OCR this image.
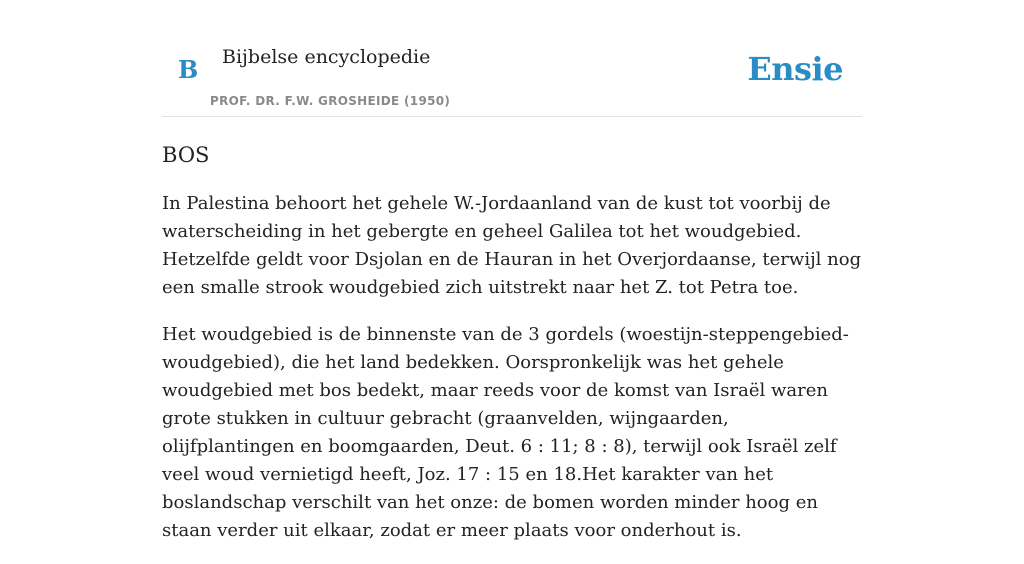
B Bijbelse encyclopedie
PROF. DR. F.W. GROSHEIDE (1950)
Ensie
BOS

In Palestina behoort het gehele W.-Jordaanland van de kust tot voorbij de waterscheiding in het gebergte en geheel Galilea tot het woudgebied. Hetzelfde geldt voor Dsjolan en de Hauran in het Overjordaanse, terwijl nog een smalle strook woudgebied zich uitstrekt naar het Z. tot Petra toe.

Het woudgebied is de binnenste van de 3 gordels (woestijn-steppengebied-woudgebied), die het land bedekken. Oorspronkelijk was het gehele woudgebied met bos bedekt, maar reeds voor de komst van Israël waren grote stukken in cultuur gebracht (graanvelden, wijngaarden, olijfplantingen en boomgaarden, Deut. 6 : 11; 8 : 8), terwijl ook Israël zelf veel woud vernietigd heeft, Joz. 17 : 15 en 18.Het karakter van het boslandschap verschilt van het onze: de bomen worden minder hoog en staan verder uit elkaar, zodat er meer plaats voor onderhout is.
